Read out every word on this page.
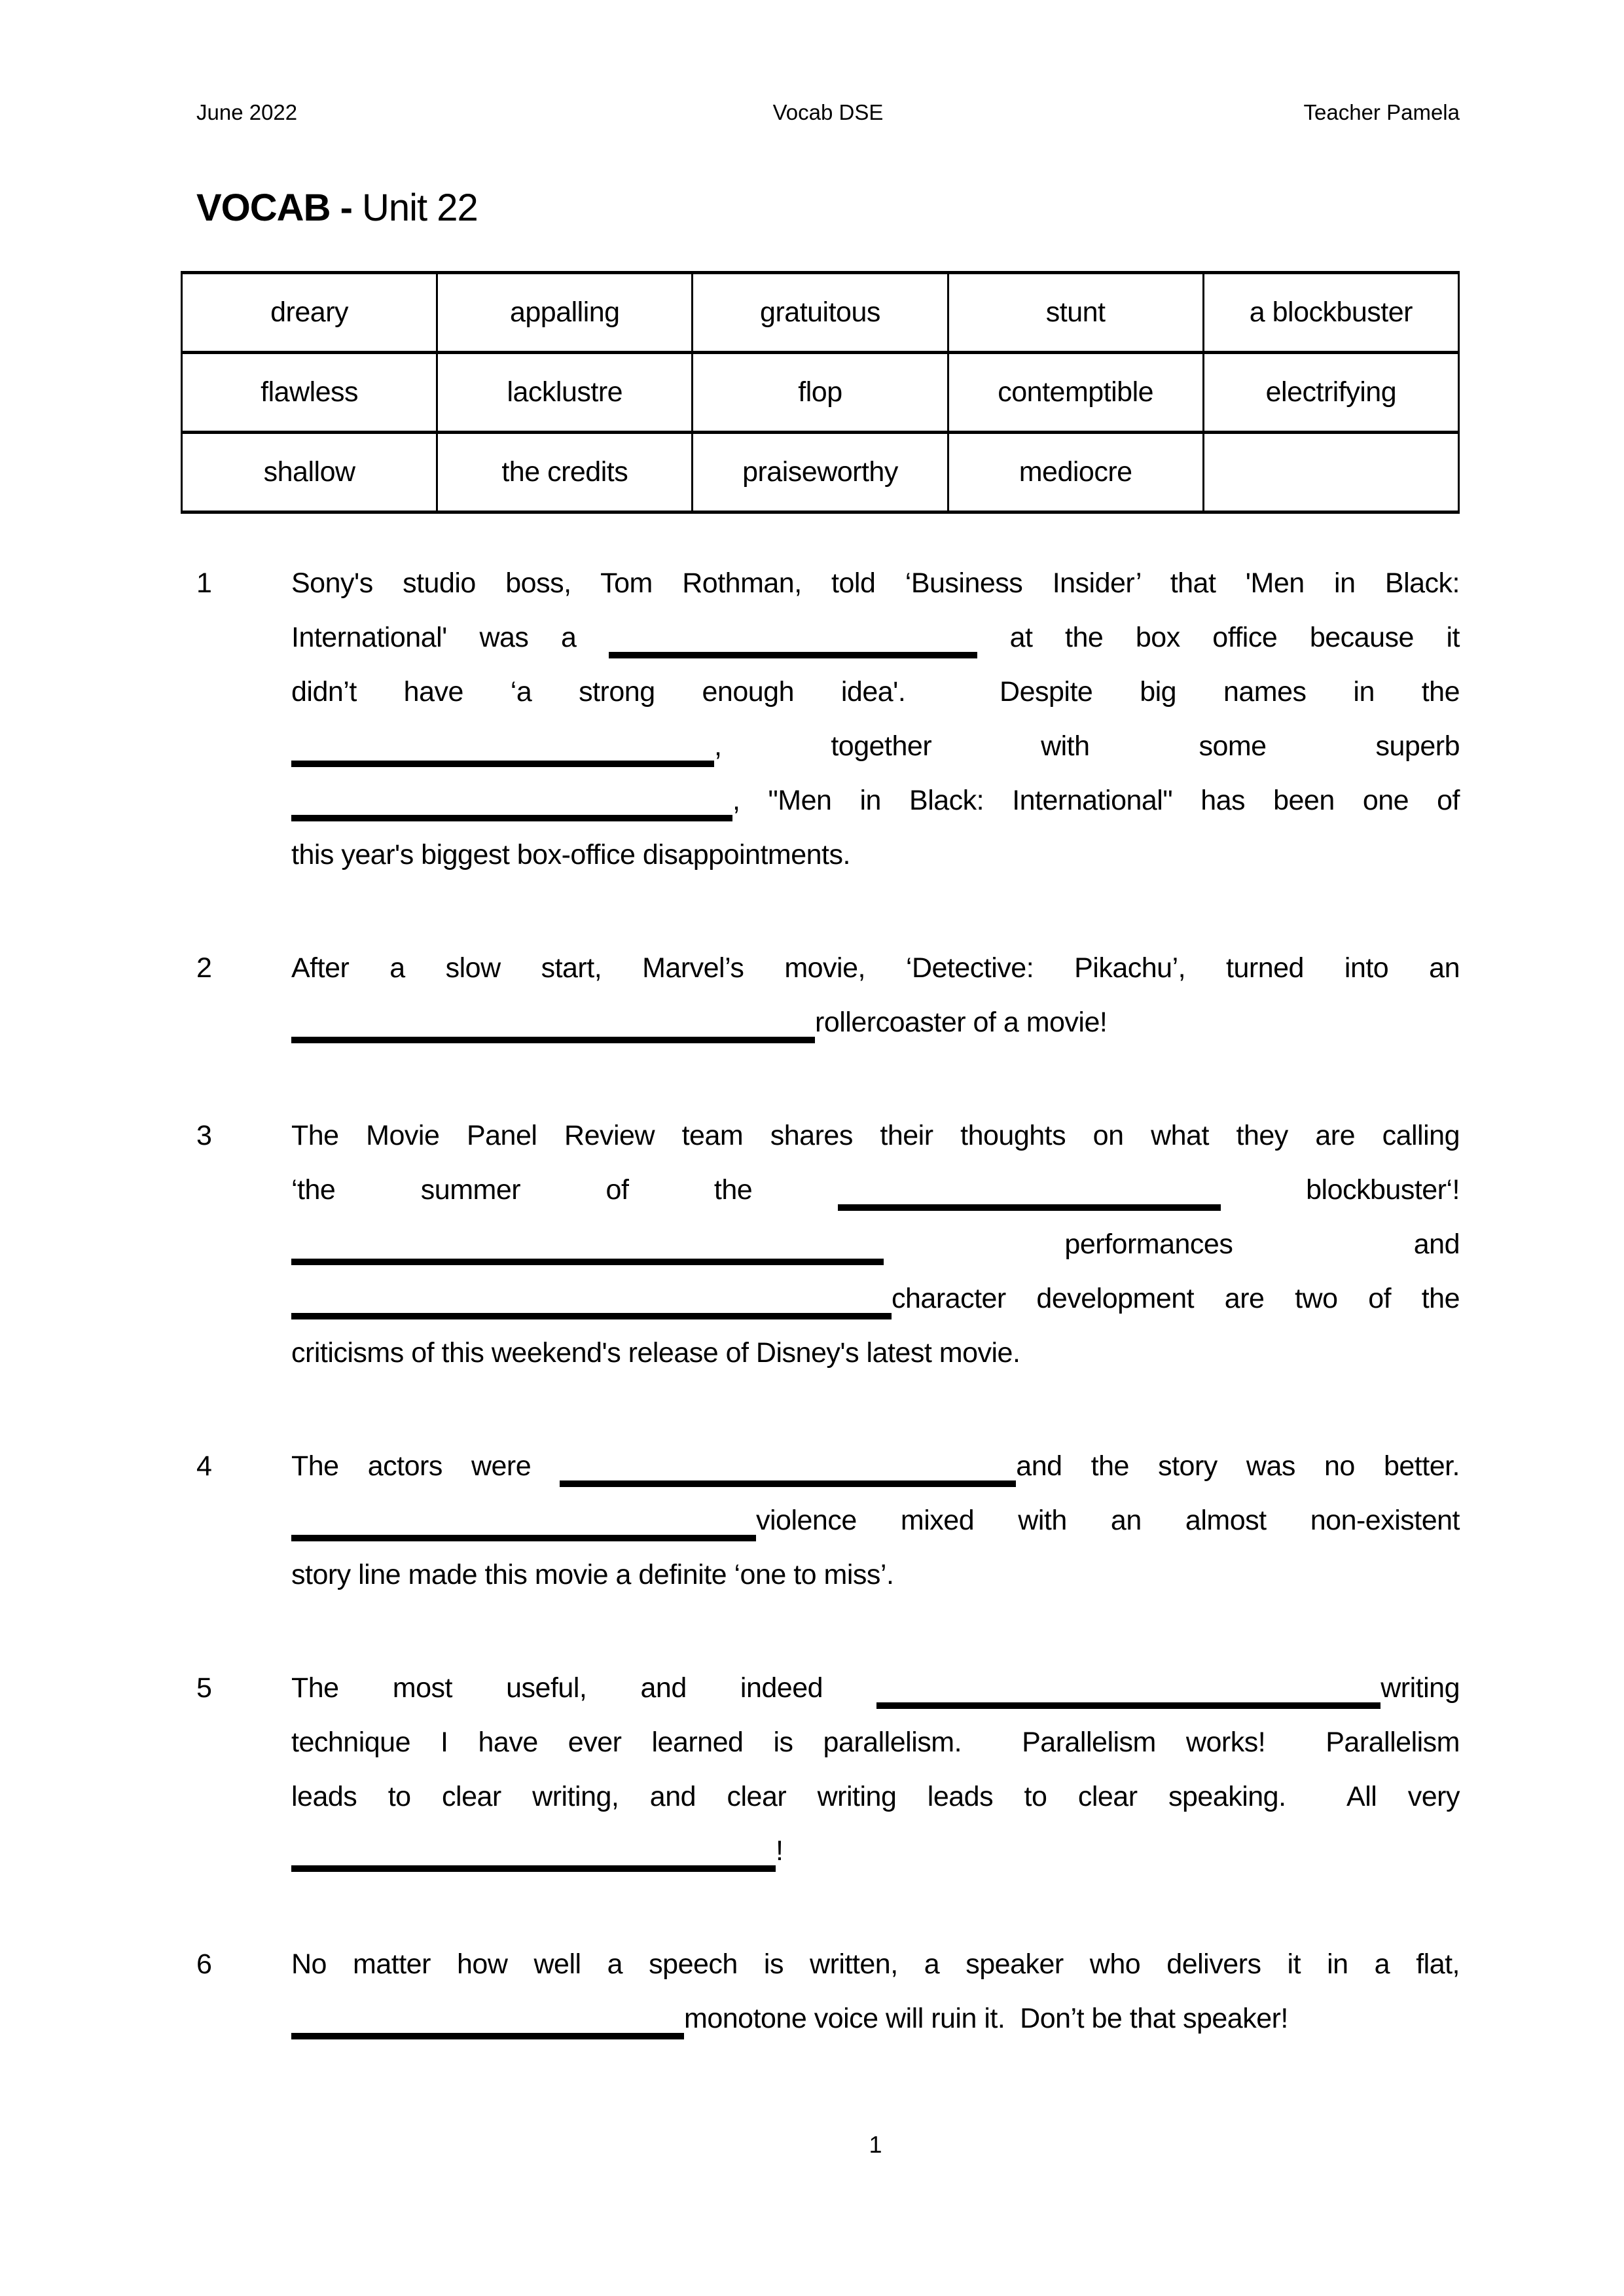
June 2022	Vocab DSE	Teacher Pamela
VOCAB - Unit 22
dreary	appalling	gratuitous	stunt	a blockbuster
flawless	lacklustre	flop	contemptible	electrifying
shallow	the credits	praiseworthy	mediocre	
1	Sony's studio boss, Tom Rothman, told ‘Business Insider’ that 'Men in Black:
International' was a	at the box office because it
didn’t have ‘a strong enough idea'.  Despite big names in the
, together with some superb
, "Men in Black: International" has been one of
this year's biggest box-office disappointments.
2	After a slow start, Marvel’s movie, ‘Detective: Pikachu’, turned into an
rollercoaster of a movie!
3	The Movie Panel Review team shares their thoughts on what they are calling
‘the summer of the	blockbuster‘!
performances and
character development are two of the
criticisms of this weekend's release of Disney's latest movie.
4	The actors were	and the story was no better.
violence mixed with an almost non-existent
story line made this movie a definite ‘one to miss’.
5	The most useful, and indeed	writing
technique I have ever learned is parallelism.  Parallelism works!  Parallelism
leads to clear writing, and clear writing leads to clear speaking.  All very
!
6	No matter how well a speech is written, a speaker who delivers it in a flat,
monotone voice will ruin it.  Don’t be that speaker!
1
